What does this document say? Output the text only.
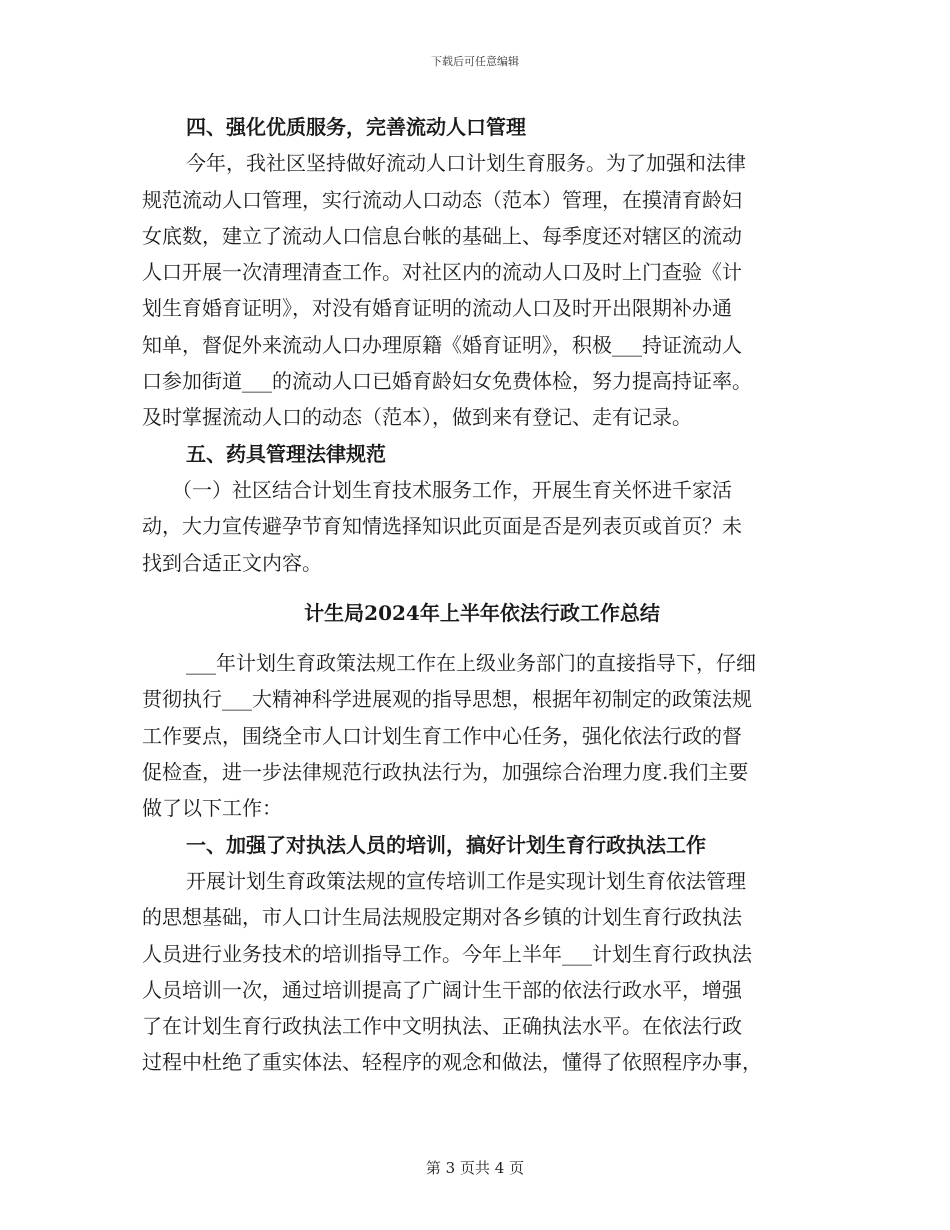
下载后可任意编辑
四、强化优质服务，完善流动人口管理
今年，我社区坚持做好流动人口计划生育服务。为了加强和法律
规范流动人口管理，实行流动人口动态（范本）管理，在摸清育龄妇
女底数，建立了流动人口信息台帐的基础上、每季度还对辖区的流动
人口开展一次清理清查工作。对社区内的流动人口及时上门查验《计
划生育婚育证明》，对没有婚育证明的流动人口及时开出限期补办通
知单，督促外来流动人口办理原籍《婚育证明》，积极___持证流动人
口参加街道___的流动人口已婚育龄妇女免费体检，努力提高持证率。
及时掌握流动人口的动态（范本），做到来有登记、走有记录。
五、药具管理法律规范
（一）社区结合计划生育技术服务工作，开展生育关怀进千家活
动，大力宣传避孕节育知情选择知识此页面是否是列表页或首页？未
找到合适正文内容。
计生局2024年上半年依法行政工作总结
___年计划生育政策法规工作在上级业务部门的直接指导下，仔细
贯彻执行___大精神科学进展观的指导思想，根据年初制定的政策法规
工作要点，围绕全市人口计划生育工作中心任务，强化依法行政的督
促检查，进一步法律规范行政执法行为，加强综合治理力度.我们主要
做了以下工作：
一、加强了对执法人员的培训，搞好计划生育行政执法工作
开展计划生育政策法规的宣传培训工作是实现计划生育依法管理
的思想基础，市人口计生局法规股定期对各乡镇的计划生育行政执法
人员进行业务技术的培训指导工作。今年上半年___计划生育行政执法
人员培训一次，通过培训提高了广阔计生干部的依法行政水平，增强
了在计划生育行政执法工作中文明执法、正确执法水平。在依法行政
过程中杜绝了重实体法、轻程序的观念和做法，懂得了依照程序办事，
第 3 页共 4 页
